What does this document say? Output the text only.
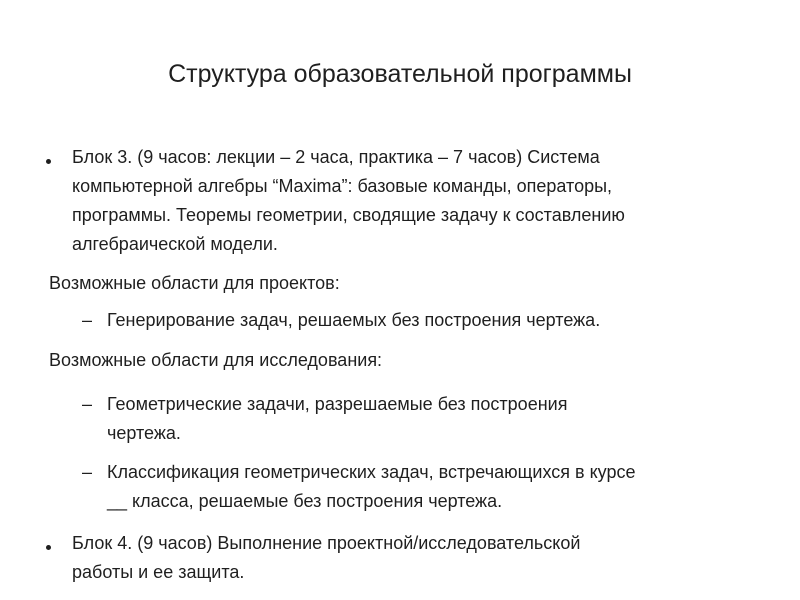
Структура образовательной программы
Блок 3. (9 часов: лекции – 2 часа, практика – 7 часов) Система
компьютерной алгебры “Maxima”: базовые команды, операторы,
программы. Теоремы геометрии, сводящие задачу к составлению
алгебраической модели.
Возможные области для проектов:
– Генерирование задач, решаемых без построения чертежа.
Возможные области для исследования:
– Геометрические задачи, разрешаемые без построения
чертежа.
– Классификация геометрических задач, встречающихся в курсе
__ класса, решаемые без построения чертежа.
Блок 4. (9 часов) Выполнение проектной/исследовательской
работы и ее защита.
